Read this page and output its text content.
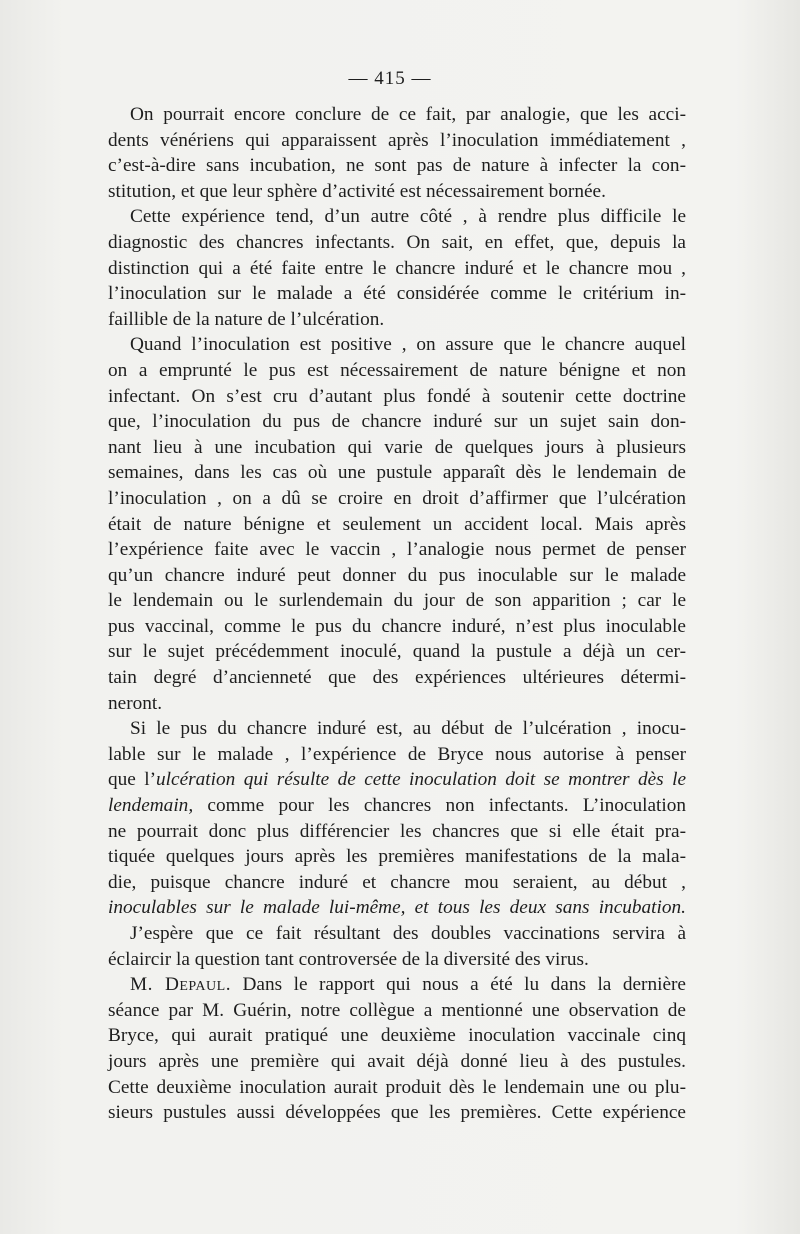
— 415 —
On pourrait encore conclure de ce fait, par analogie, que les acci-
dents vénériens qui apparaissent après l’inoculation immédiatement ,
c’est-à-dire sans incubation, ne sont pas de nature à infecter la con-
stitution, et que leur sphère d’activité est nécessairement bornée.
Cette expérience tend, d’un autre côté , à rendre plus difficile le
diagnostic des chancres infectants. On sait, en effet, que, depuis la
distinction qui a été faite entre le chancre induré et le chancre mou ,
l’inoculation sur le malade a été considérée comme le critérium in-
faillible de la nature de l’ulcération.
Quand l’inoculation est positive , on assure que le chancre auquel
on a emprunté le pus est nécessairement de nature bénigne et non
infectant. On s’est cru d’autant plus fondé à soutenir cette doctrine
que, l’inoculation du pus de chancre induré sur un sujet sain don-
nant lieu à une incubation qui varie de quelques jours à plusieurs
semaines, dans les cas où une pustule apparaît dès le lendemain de
l’inoculation , on a dû se croire en droit d’affirmer que l’ulcération
était de nature bénigne et seulement un accident local. Mais après
l’expérience faite avec le vaccin , l’analogie nous permet de penser
qu’un chancre induré peut donner du pus inoculable sur le malade
le lendemain ou le surlendemain du jour de son apparition ; car le
pus vaccinal, comme le pus du chancre induré, n’est plus inoculable
sur le sujet précédemment inoculé, quand la pustule a déjà un cer-
tain degré d’ancienneté que des expériences ultérieures détermi-
neront.
Si le pus du chancre induré est, au début de l’ulcération , inocu-
lable sur le malade , l’expérience de Bryce nous autorise à penser
que l’ulcération qui résulte de cette inoculation doit se montrer dès le
lendemain, comme pour les chancres non infectants. L’inoculation
ne pourrait donc plus différencier les chancres que si elle était pra-
tiquée quelques jours après les premières manifestations de la mala-
die, puisque chancre induré et chancre mou seraient, au début ,
inoculables sur le malade lui-même, et tous les deux sans incubation.
J’espère que ce fait résultant des doubles vaccinations servira à
éclaircir la question tant controversée de la diversité des virus.
M. Depaul. Dans le rapport qui nous a été lu dans la dernière
séance par M. Guérin, notre collègue a mentionné une observation de
Bryce, qui aurait pratiqué une deuxième inoculation vaccinale cinq
jours après une première qui avait déjà donné lieu à des pustules.
Cette deuxième inoculation aurait produit dès le lendemain une ou plu-
sieurs pustules aussi développées que les premières. Cette expérience
